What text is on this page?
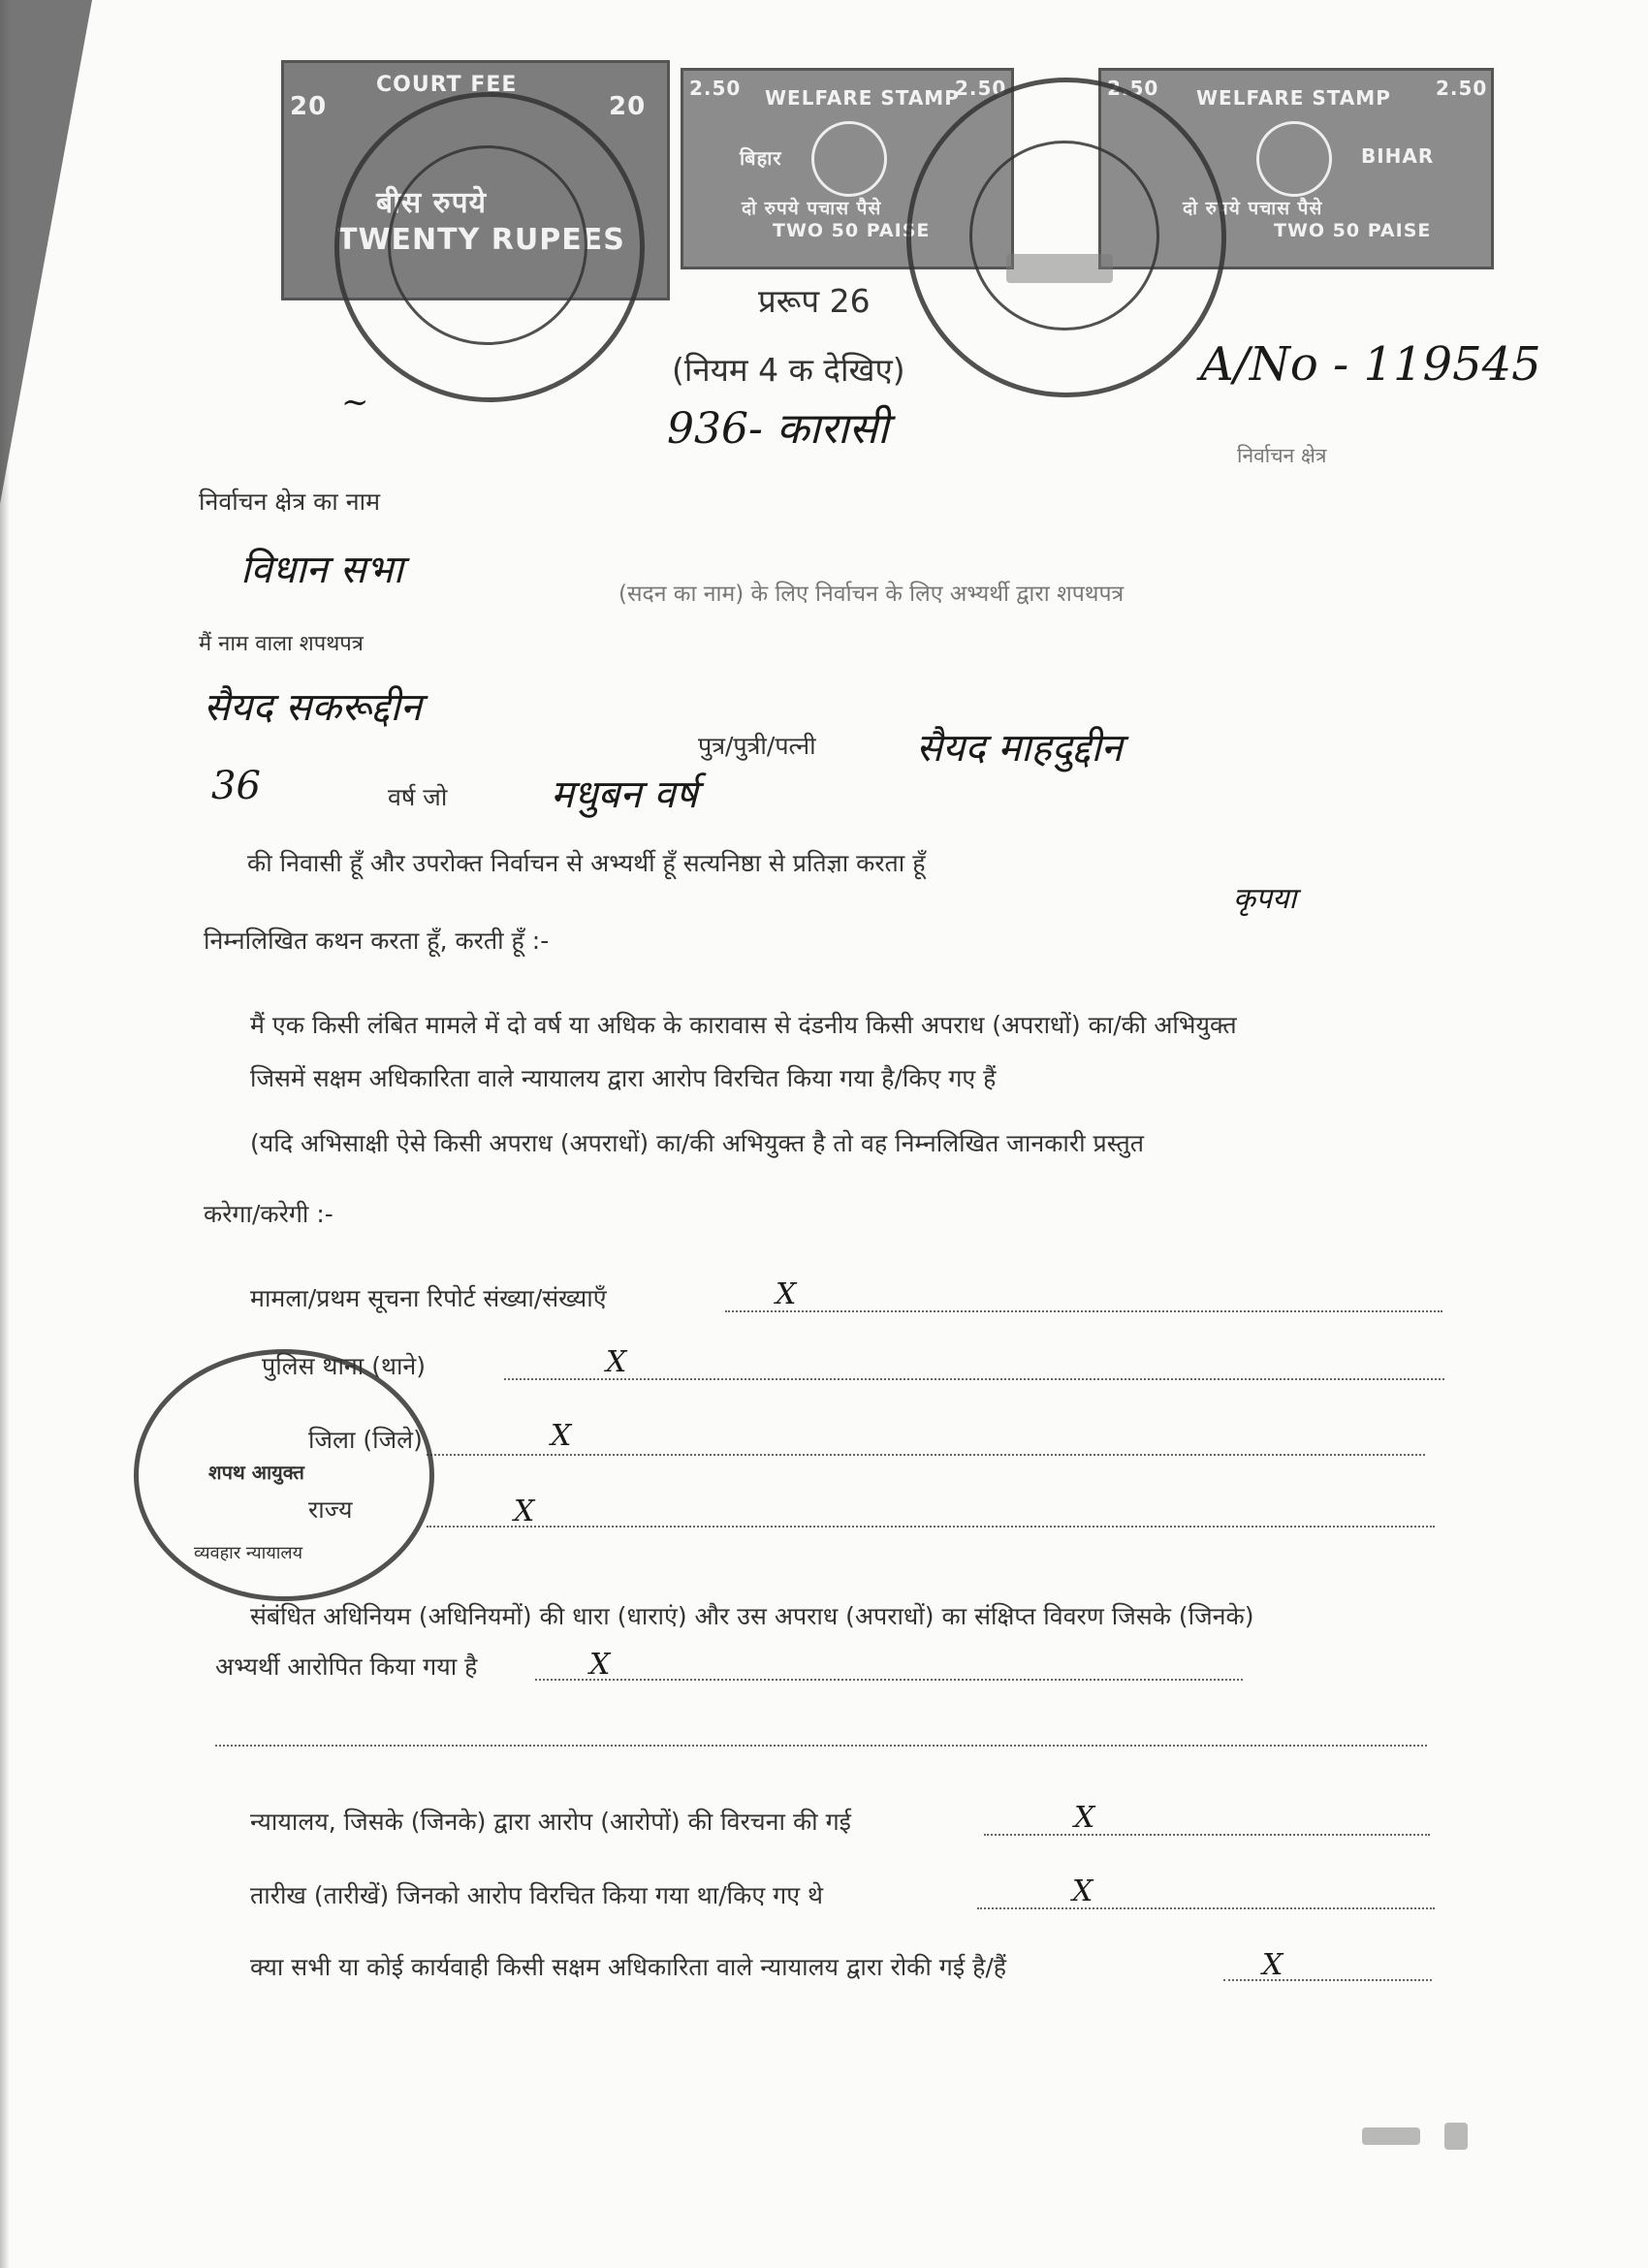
COURT FEE
20	20
बीस रुपये
TWENTY RUPEES
2.50 WELFARE STAMP
2.50
बिहार
दो रुपये पचास पैसे
TWO 50 PAISE
2.50 WELFARE STAMP 2.50
BIHAR
दो रुपये पचास पैसे
TWO 50 PAISE
प्ररूप 26
(नियम 4 क देखिए)
936- कारासी
A/No - 119545
निर्वाचन क्षेत्र
~
निर्वाचन क्षेत्र का नाम
विधान सभा
(सदन का नाम) के लिए निर्वाचन के लिए अभ्यर्थी द्वारा शपथपत्र
मैं नाम वाला शपथपत्र
सैयद सकरूद्दीन
पुत्र/पुत्री/पत्नी	सैयद माहदुद्दीन
36	वर्ष जो	मधुबन वर्ष
की निवासी हूँ और उपरोक्त निर्वाचन से अभ्यर्थी हूँ सत्यनिष्ठा से प्रतिज्ञा करता हूँ
कृपया
निम्नलिखित कथन करता हूँ, करती हूँ :-
मैं एक किसी लंबित मामले में दो वर्ष या अधिक के कारावास से दंडनीय किसी अपराध (अपराधों) का/की अभियुक्त
जिसमें सक्षम अधिकारिता वाले न्यायालय द्वारा आरोप विरचित किया गया है/किए गए हैं
(यदि अभिसाक्षी ऐसे किसी अपराध (अपराधों) का/की अभियुक्त है तो वह निम्नलिखित जानकारी प्रस्तुत
करेगा/करेगी :-
मामला/प्रथम सूचना रिपोर्ट संख्या/संख्याएँ	X
पुलिस थाना (थाने)	X
जिला (जिले)	X
राज्य	X
संबंधित अधिनियम (अधिनियमों) की धारा (धाराएं) और उस अपराध (अपराधों) का संक्षिप्त विवरण जिसके (जिनके)
अभ्यर्थी आरोपित किया गया है	X
न्यायालय, जिसके (जिनके) द्वारा आरोप (आरोपों) की विरचना की गई	X
तारीख (तारीखें) जिनको आरोप विरचित किया गया था/किए गए थे	X
क्या सभी या कोई कार्यवाही किसी सक्षम अधिकारिता वाले न्यायालय द्वारा रोकी गई है/हैं	X
शपथ आयुक्त
व्यवहार न्यायालय
